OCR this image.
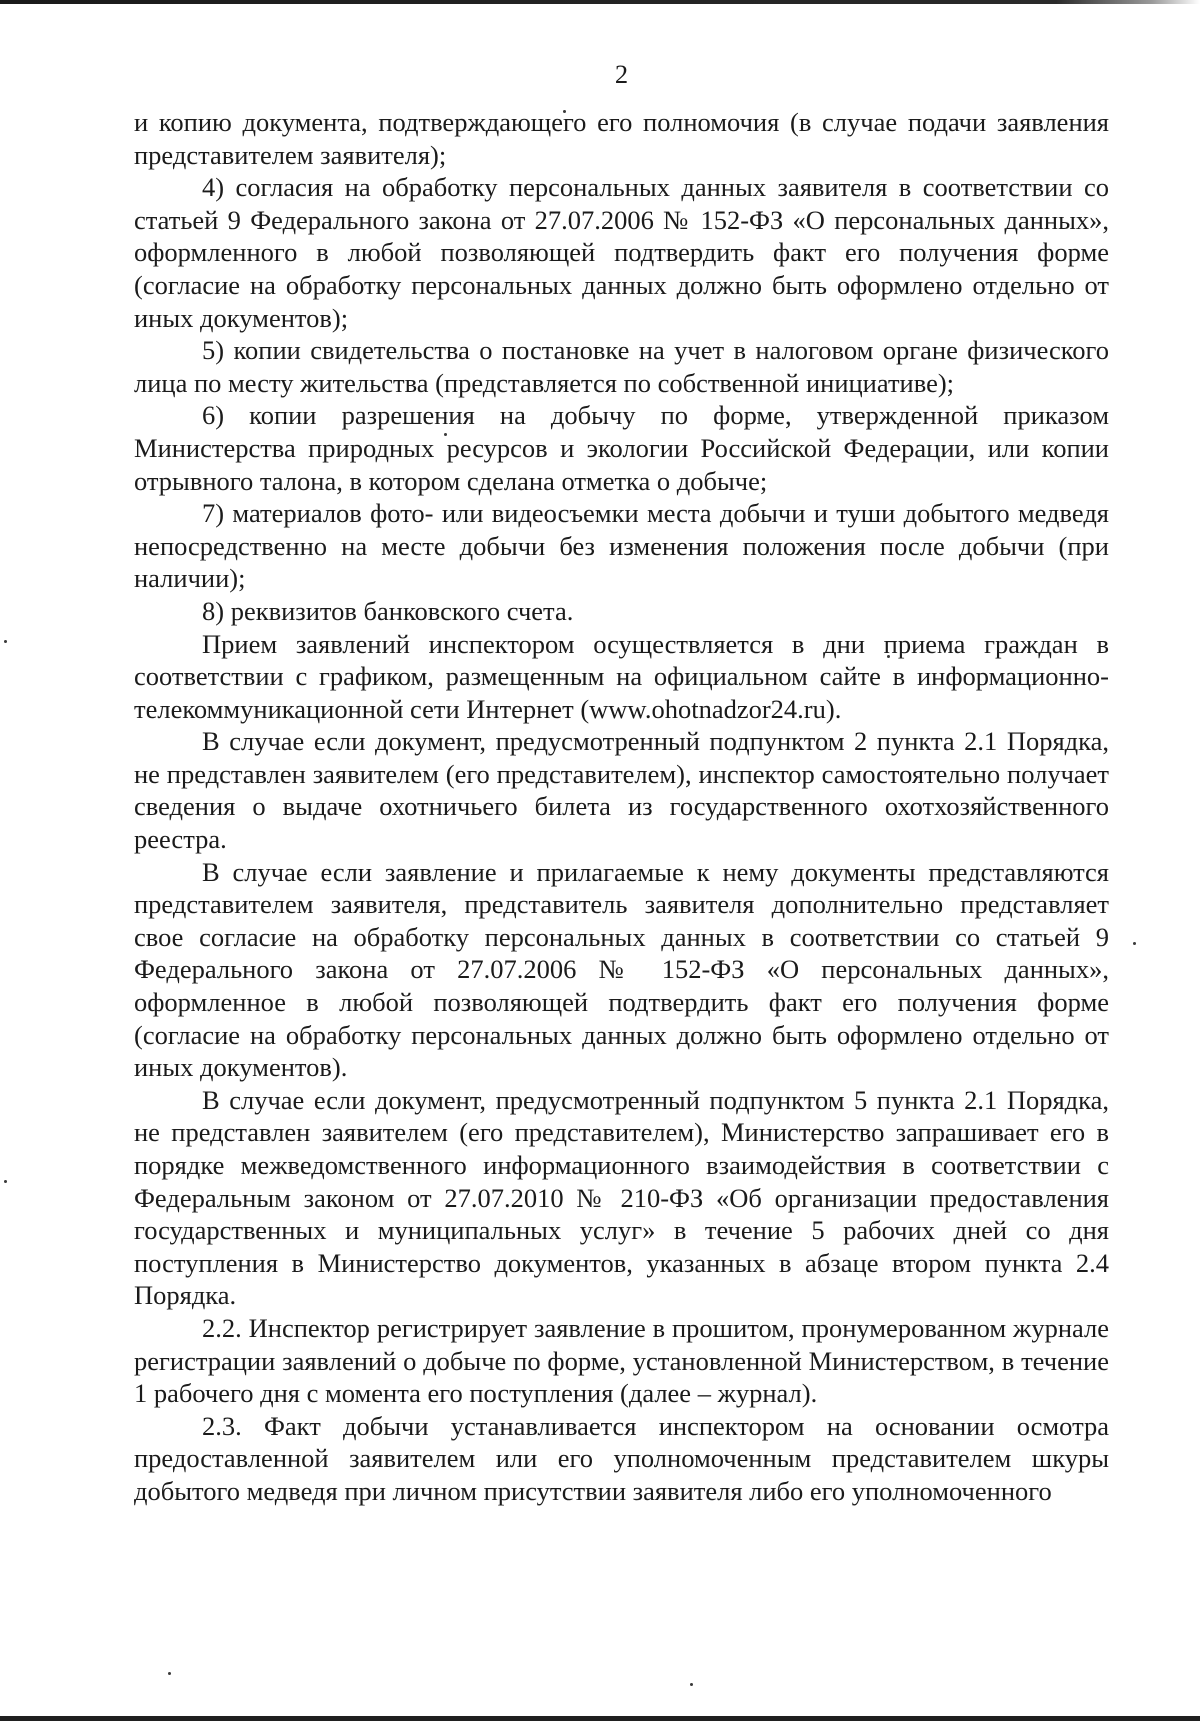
2

и копию документа, подтверждающего его полномочия (в случае подачи заявления представителем заявителя);

4) согласия на обработку персональных данных заявителя в соответствии со статьей 9 Федерального закона от 27.07.2006 № 152-ФЗ «О персональных данных», оформленного в любой позволяющей подтвердить факт его получения форме (согласие на обработку персональных данных должно быть оформлено отдельно от иных документов);

5) копии свидетельства о постановке на учет в налоговом органе физического лица по месту жительства (представляется по собственной инициативе);

6) копии разрешения на добычу по форме, утвержденной приказом Министерства природных ресурсов и экологии Российской Федерации, или копии отрывного талона, в котором сделана отметка о добыче;

7) материалов фото- или видеосъемки места добычи и туши добытого медведя непосредственно на месте добычи без изменения положения после добычи (при наличии);

8) реквизитов банковского счета.

Прием заявлений инспектором осуществляется в дни приема граждан в соответствии с графиком, размещенным на официальном сайте в информационно-телекоммуникационной сети Интернет (www.ohotnadzor24.ru).

В случае если документ, предусмотренный подпунктом 2 пункта 2.1 Порядка, не представлен заявителем (его представителем), инспектор самостоятельно получает сведения о выдаче охотничьего билета из государственного охотхозяйственного реестра.

В случае если заявление и прилагаемые к нему документы представляются представителем заявителя, представитель заявителя дополнительно представляет свое согласие на обработку персональных данных в соответствии со статьей 9 Федерального закона от 27.07.2006 № 152-ФЗ «О персональных данных», оформленное в любой позволяющей подтвердить факт его получения форме (согласие на обработку персональных данных должно быть оформлено отдельно от иных документов).

В случае если документ, предусмотренный подпунктом 5 пункта 2.1 Порядка, не представлен заявителем (его представителем), Министерство запрашивает его в порядке межведомственного информационного взаимодействия в соответствии с Федеральным законом от 27.07.2010 № 210-ФЗ «Об организации предоставления государственных и муниципальных услуг» в течение 5 рабочих дней со дня поступления в Министерство документов, указанных в абзаце втором пункта 2.4 Порядка.

2.2. Инспектор регистрирует заявление в прошитом, пронумерованном журнале регистрации заявлений о добыче по форме, установленной Министерством, в течение 1 рабочего дня с момента его поступления (далее – журнал).

2.3. Факт добычи устанавливается инспектором на основании осмотра предоставленной заявителем или его уполномоченным представителем шкуры добытого медведя при личном присутствии заявителя либо его уполномоченного
